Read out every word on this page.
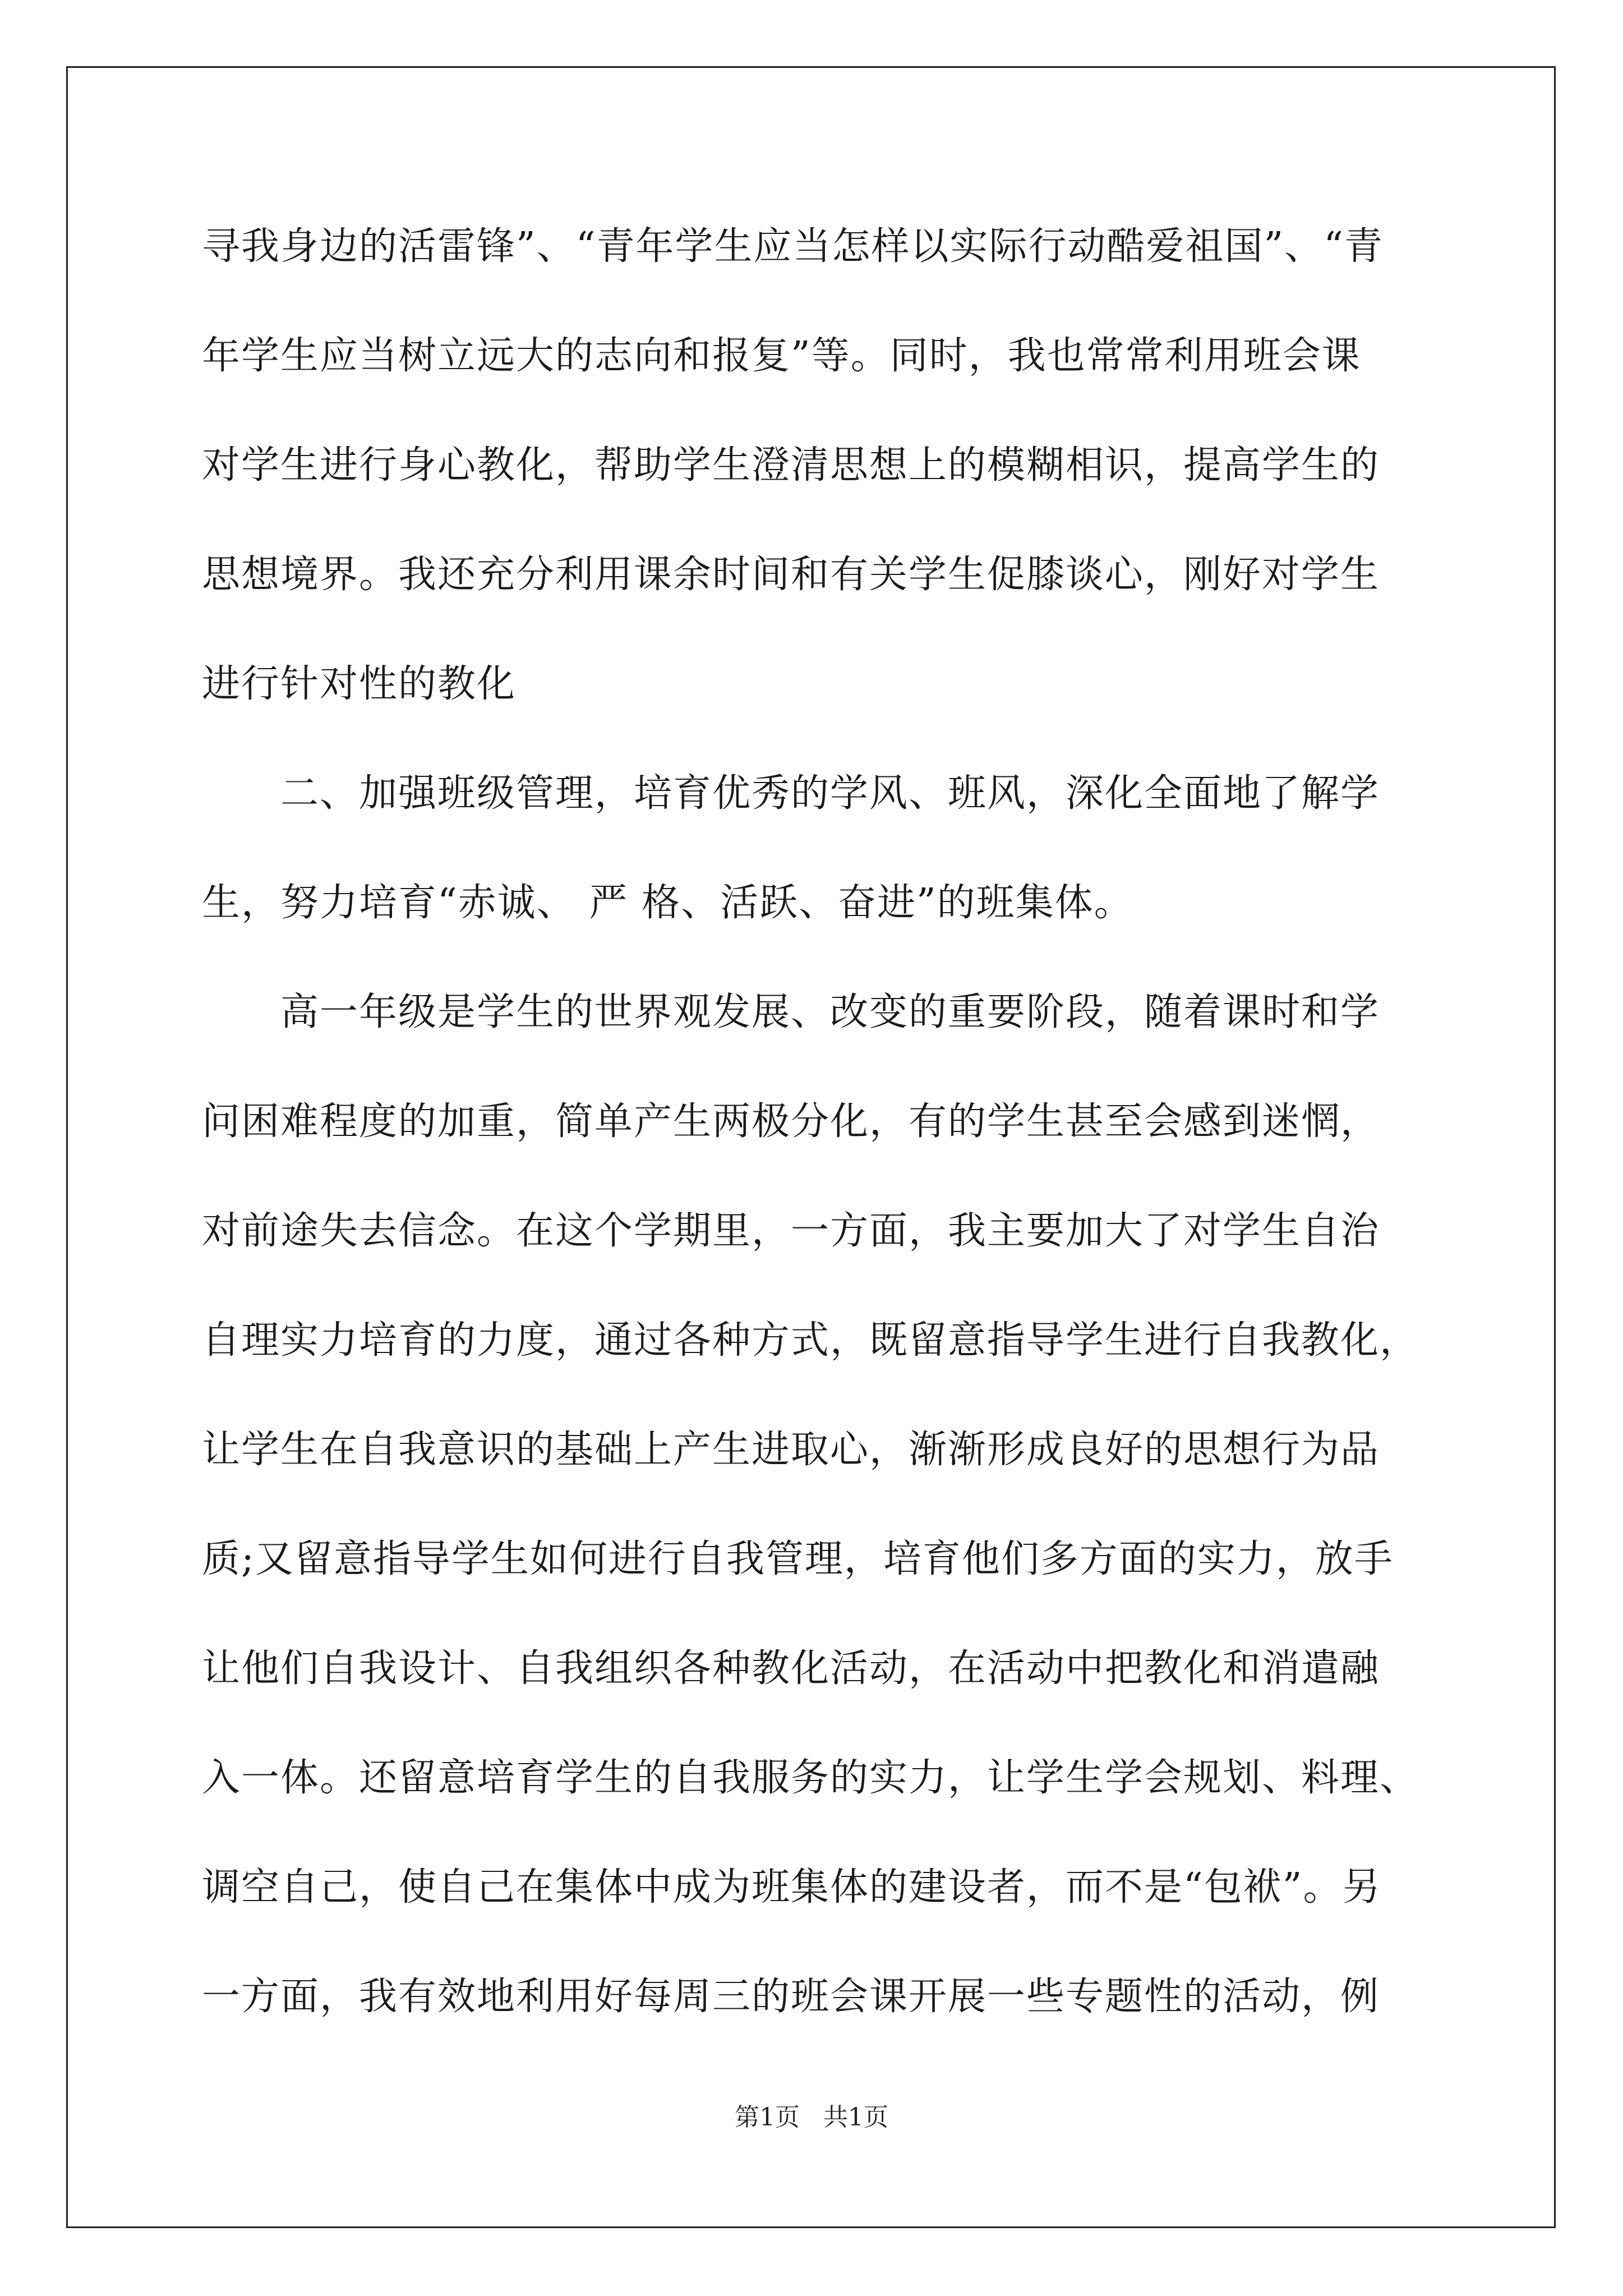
寻我身边的活雷锋”、“青年学生应当怎样以实际行动酷爱祖国”、“青
年学生应当树立远大的志向和报复”等。同时，我也常常利用班会课
对学生进行身心教化，帮助学生澄清思想上的模糊相识，提高学生的
思想境界。我还充分利用课余时间和有关学生促膝谈心，刚好对学生
进行针对性的教化
　　二、加强班级管理，培育优秀的学风、班风，深化全面地了解学
生，努力培育“赤诚、 严 格、活跃、奋进”的班集体。
　　高一年级是学生的世界观发展、改变的重要阶段，随着课时和学
问困难程度的加重，简单产生两极分化，有的学生甚至会感到迷惘，
对前途失去信念。在这个学期里，一方面，我主要加大了对学生自治
自理实力培育的力度，通过各种方式，既留意指导学生进行自我教化，
让学生在自我意识的基础上产生进取心，渐渐形成良好的思想行为品
质;又留意指导学生如何进行自我管理，培育他们多方面的实力，放手
让他们自我设计、自我组织各种教化活动，在活动中把教化和消遣融
入一体。还留意培育学生的自我服务的实力，让学生学会规划、料理、
调空自己，使自己在集体中成为班集体的建设者，而不是“包袱”。另
一方面，我有效地利用好每周三的班会课开展一些专题性的活动，例
第1页   共1页
